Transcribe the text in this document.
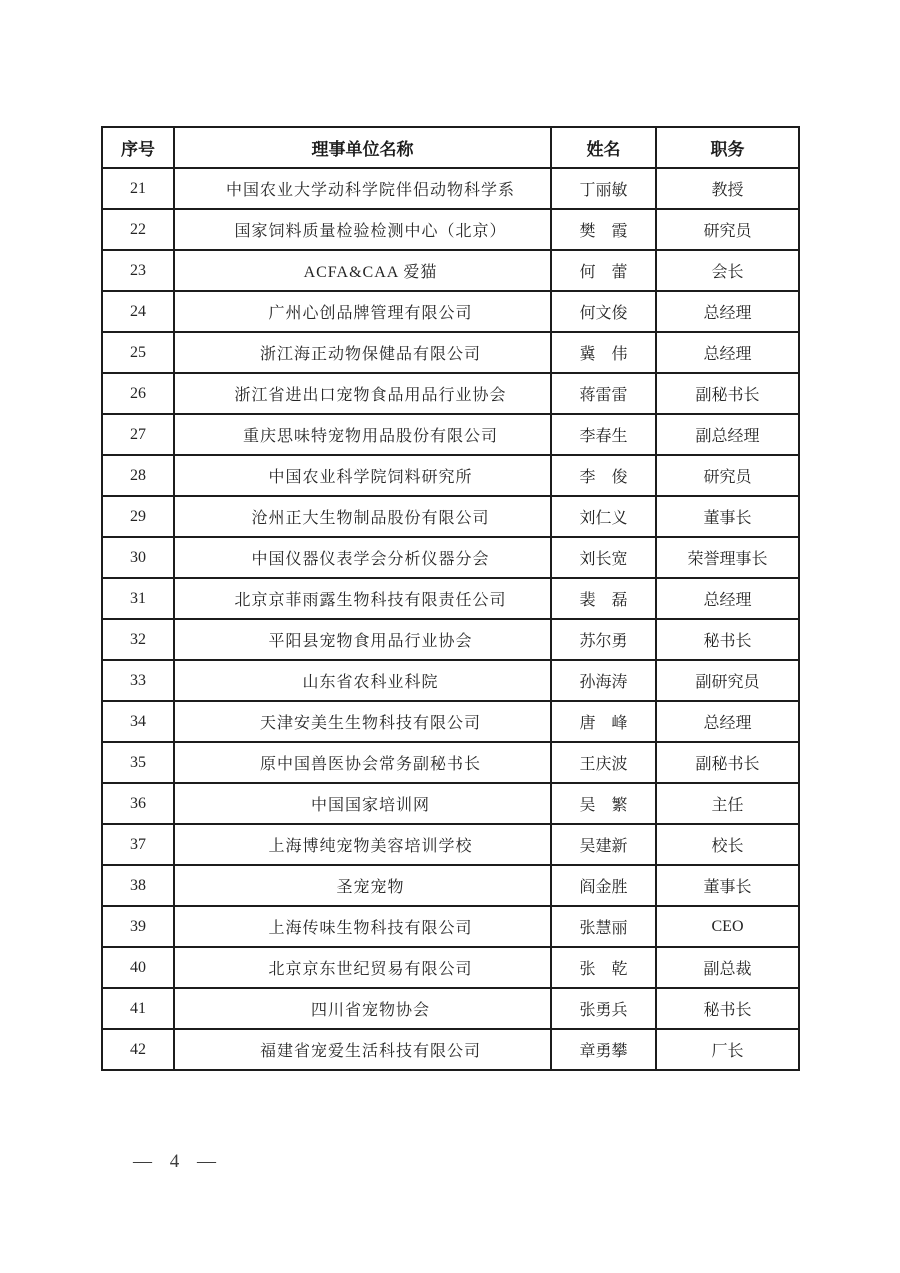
序号	理事单位名称	姓名	职务
21	中国农业大学动科学院伴侣动物科学系	丁丽敏	教授
22	国家饲料质量检验检测中心（北京）	樊　霞	研究员
23	ACFA&CAA 爱猫	何　蕾	会长
24	广州心创品牌管理有限公司	何文俊	总经理
25	浙江海正动物保健品有限公司	冀　伟	总经理
26	浙江省进出口宠物食品用品行业协会	蒋雷雷	副秘书长
27	重庆思味特宠物用品股份有限公司	李春生	副总经理
28	中国农业科学院饲料研究所	李　俊	研究员
29	沧州正大生物制品股份有限公司	刘仁义	董事长
30	中国仪器仪表学会分析仪器分会	刘长宽	荣誉理事长
31	北京京菲雨露生物科技有限责任公司	裴　磊	总经理
32	平阳县宠物食用品行业协会	苏尔勇	秘书长
33	山东省农科业科院	孙海涛	副研究员
34	天津安美生生物科技有限公司	唐　峰	总经理
35	原中国兽医协会常务副秘书长	王庆波	副秘书长
36	中国国家培训网	吴　繁	主任
37	上海博纯宠物美容培训学校	吴建新	校长
38	圣宠宠物	阎金胜	董事长
39	上海传味生物科技有限公司	张慧丽	CEO
40	北京京东世纪贸易有限公司	张　乾	副总裁
41	四川省宠物协会	张勇兵	秘书长
42	福建省宠爱生活科技有限公司	章勇攀	厂长
— 4 —
